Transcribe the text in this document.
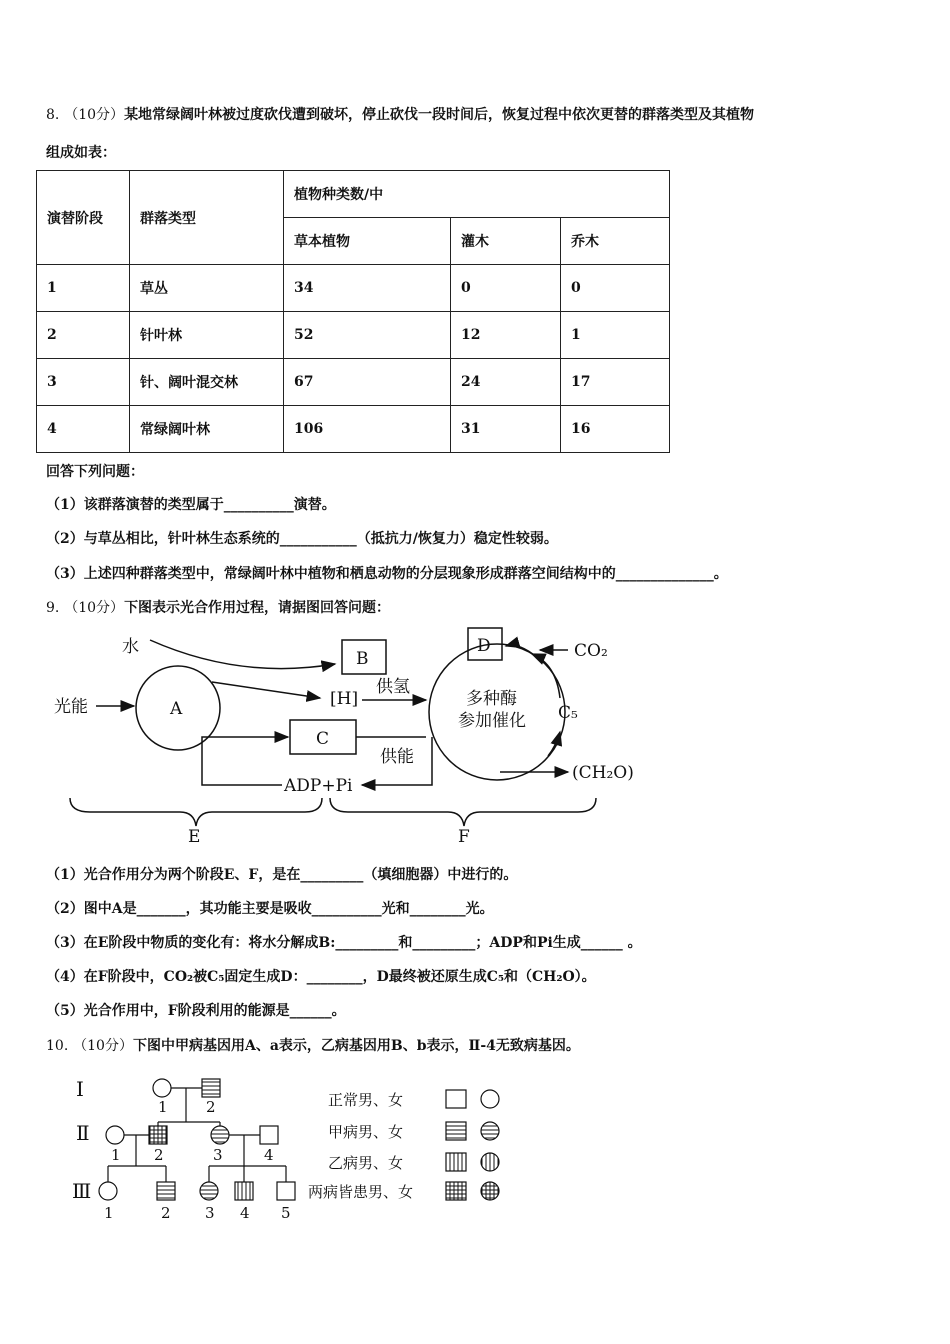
8. （10分）某地常绿阔叶林被过度砍伐遭到破坏，停止砍伐一段时间后，恢复过程中依次更替的群落类型及其植物
组成如表：
演替阶段	群落类型	植物种类数/中		
		草本植物	灌木	乔木
1	草丛	34	0	0
2	针叶林	52	12	1
3	针、阔叶混交林	67	24	17
4	常绿阔叶林	106	31	16
回答下列问题：
（1）该群落演替的类型属于__________演替。
（2）与草丛相比，针叶林生态系统的___________（抵抗力/恢复力）稳定性较弱。
（3）上述四种群落类型中，常绿阔叶林中植物和栖息动物的分层现象形成群落空间结构中的______________。
9. （10分）下图表示光合作用过程，请据图回答问题：
水
光能	A
B
[H]
供氢
C
供能
D
多种酶
参加催化
CO₂
C₅
(CH₂O)
ADP+Pi
E	F
（1）光合作用分为两个阶段E、F，是在_________（填细胞器）中进行的。
（2）图中A是_______，其功能主要是吸收__________光和________光。
（3）在E阶段中物质的变化有：将水分解成B:_________和_________；ADP和Pi生成______ 。
（4）在F阶段中，CO₂被C₅固定生成D：________，D最终被还原生成C₅和（CH₂O）。
（5）光合作用中，F阶段利用的能源是______。
10. （10分）下图中甲病基因用A、a表示，乙病基因用B、b表示，Ⅱ-4无致病基因。
Ⅰ
Ⅱ
Ⅲ
1	2
1 2	3	4
1	2 3 4 5
正常男、女
甲病男、女
乙病男、女
两病皆患男、女
